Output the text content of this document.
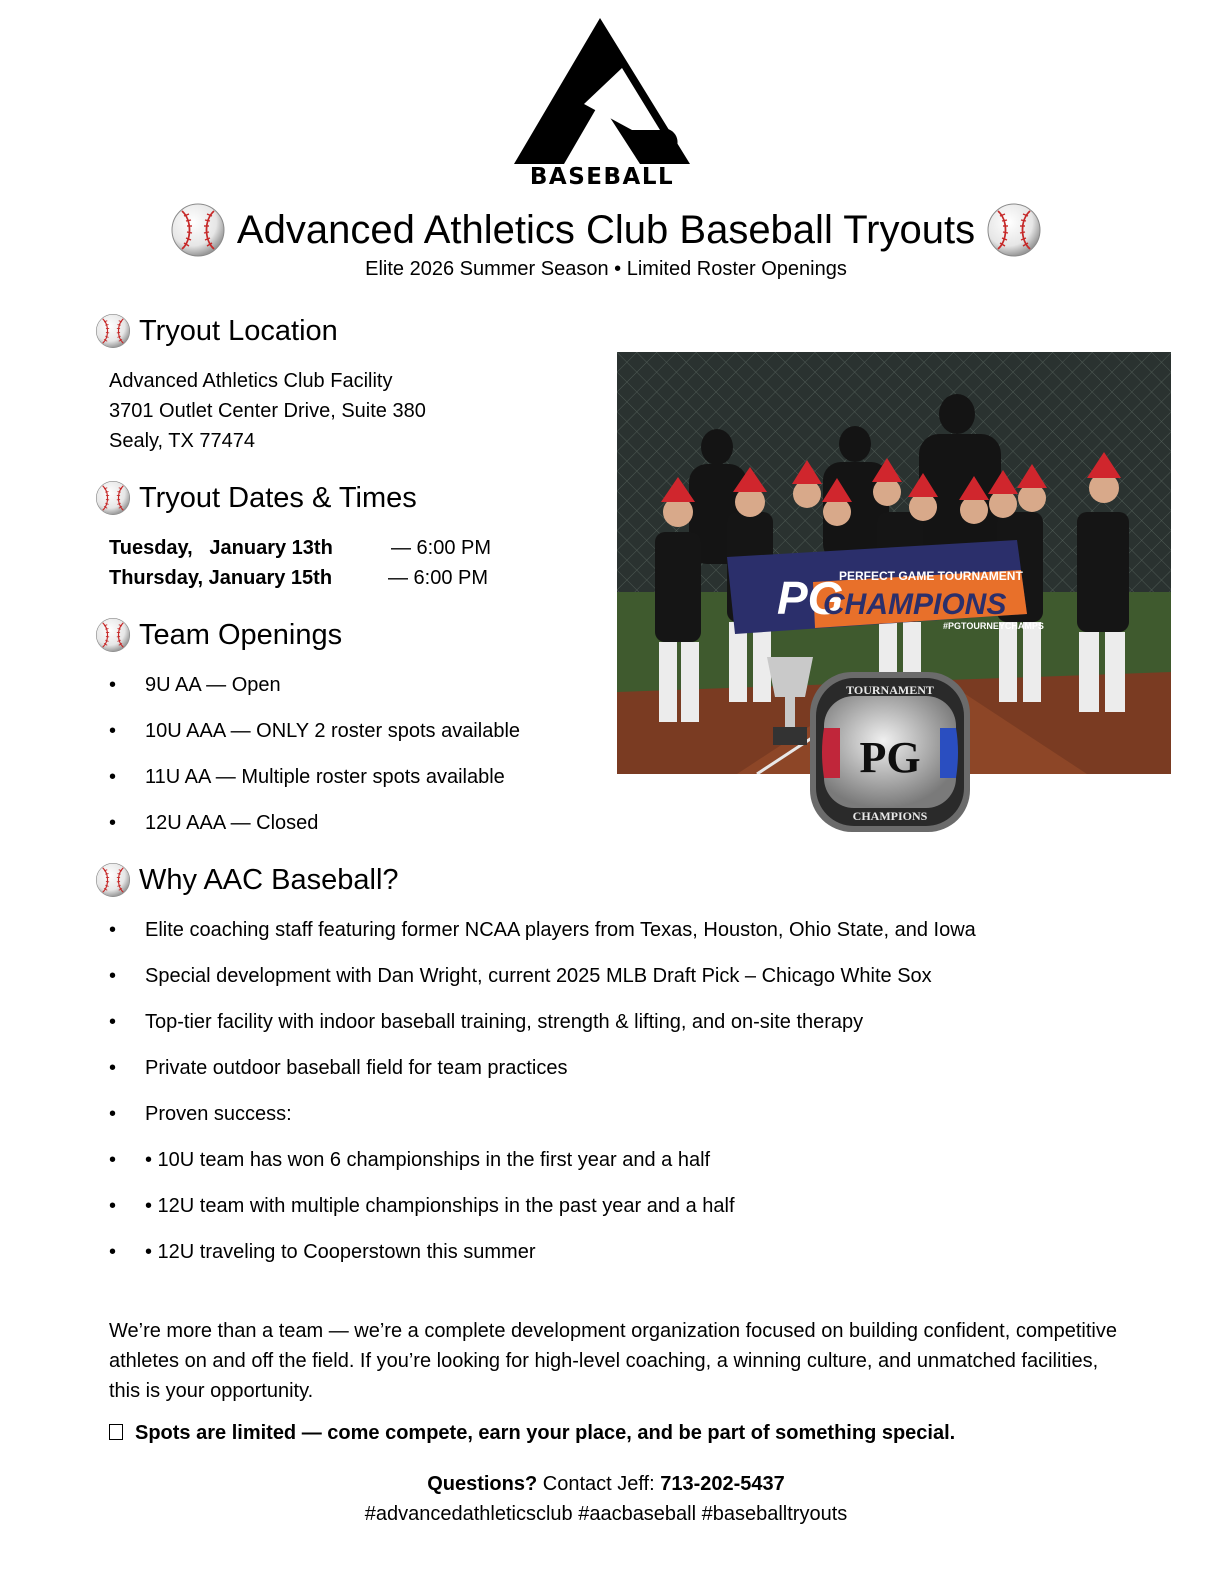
BASEBALL
Advanced Athletics Club Baseball Tryouts
Elite 2026 Summer Season • Limited Roster Openings
Tryout Location
Advanced Athletics Club Facility
3701 Outlet Center Drive, Suite 380
Sealy, TX 77474
Tryout Dates & Times
Tuesday,   January 13th	— 6:00 PM
Thursday, January 15th	— 6:00 PM
Team Openings
• 9U AA — Open
• 10U AAA — ONLY 2 roster spots available
• 11U AA — Multiple roster spots available
• 12U AAA — Closed
PG
PERFECT GAME TOURNAMENT
CHAMPIONS
#PGTOURNEYCHAMPS
TOURNAMENT
PG
CHAMPIONS
Why AAC Baseball?
• Elite coaching staff featuring former NCAA players from Texas, Houston, Ohio State, and Iowa
• Special development with Dan Wright, current 2025 MLB Draft Pick – Chicago White Sox
• Top-tier facility with indoor baseball training, strength & lifting, and on-site therapy
• Private outdoor baseball field for team practices
• Proven success:
• • 10U team has won 6 championships in the first year and a half
• • 12U team with multiple championships in the past year and a half
• • 12U traveling to Cooperstown this summer
We’re more than a team — we’re a complete development organization focused on building confident, competitive athletes on and off the field. If you’re looking for high-level coaching, a winning culture, and unmatched facilities, this is your opportunity.
Spots are limited — come compete, earn your place, and be part of something special.
Questions? Contact Jeff: 713-202-5437
#advancedathleticsclub #aacbaseball #baseballtryouts
